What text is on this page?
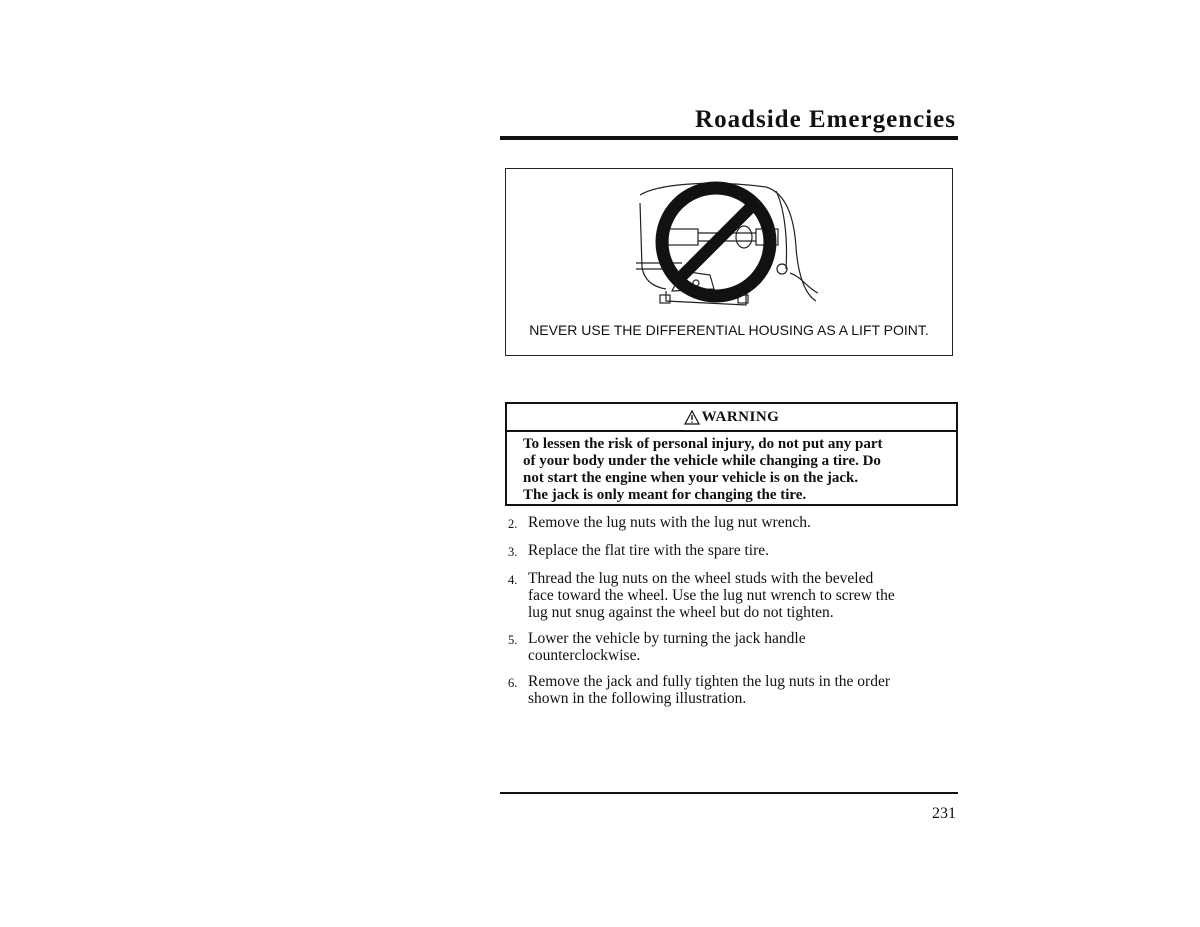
Roadside Emergencies
NEVER USE THE DIFFERENTIAL HOUSING AS A LIFT POINT.
WARNING
To lessen the risk of personal injury, do not put any part
of your body under the vehicle while changing a tire. Do
not start the engine when your vehicle is on the jack.
The jack is only meant for changing the tire.
2. Remove the lug nuts with the lug nut wrench.
3. Replace the flat tire with the spare tire.
4. Thread the lug nuts on the wheel studs with the beveled
face toward the wheel. Use the lug nut wrench to screw the
lug nut snug against the wheel but do not tighten.
5. Lower the vehicle by turning the jack handle
counterclockwise.
6. Remove the jack and fully tighten the lug nuts in the order
shown in the following illustration.
231
